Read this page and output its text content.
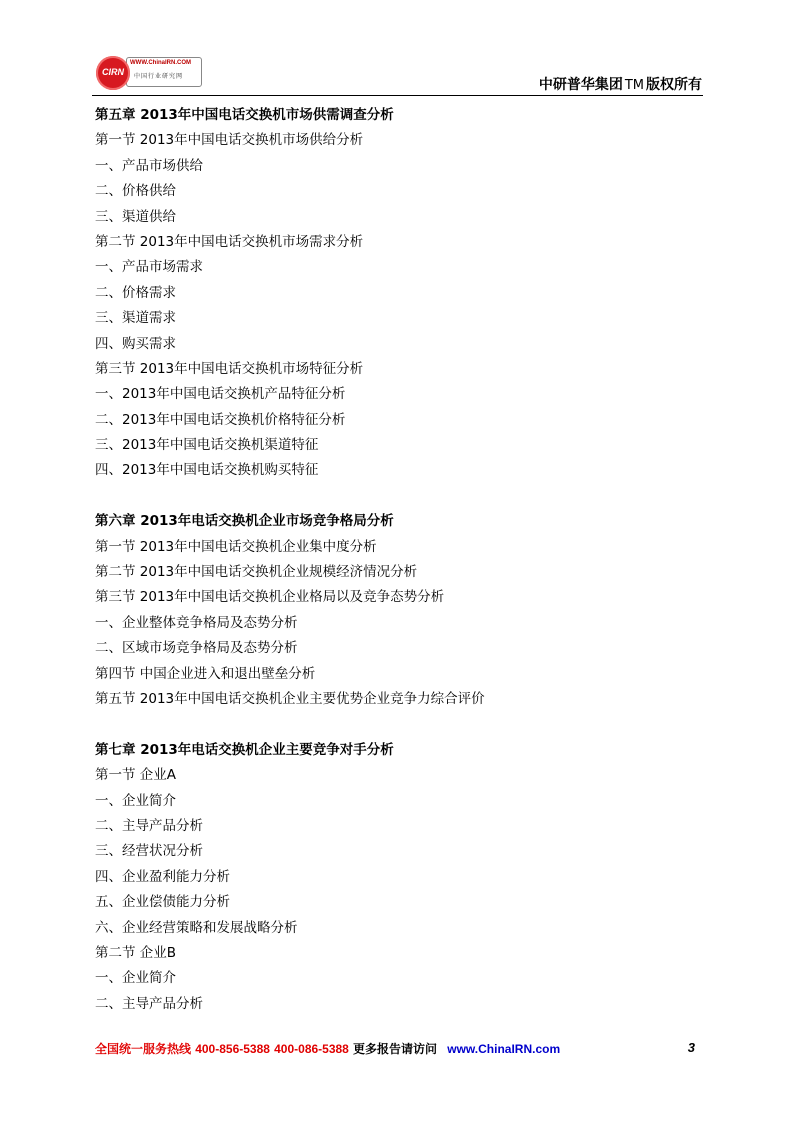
WWW.ChinaIRN.COM
中国行业研究网
CIRN
中研普华集团 TM 版权所有
第五章 2013年中国电话交换机市场供需调查分析
第一节 2013年中国电话交换机市场供给分析
一、产品市场供给
二、价格供给
三、渠道供给
第二节 2013年中国电话交换机市场需求分析
一、产品市场需求
二、价格需求
三、渠道需求
四、购买需求
第三节 2013年中国电话交换机市场特征分析
一、2013年中国电话交换机产品特征分析
二、2013年中国电话交换机价格特征分析
三、2013年中国电话交换机渠道特征
四、2013年中国电话交换机购买特征
第六章 2013年电话交换机企业市场竞争格局分析
第一节 2013年中国电话交换机企业集中度分析
第二节 2013年中国电话交换机企业规模经济情况分析
第三节 2013年中国电话交换机企业格局以及竞争态势分析
一、企业整体竞争格局及态势分析
二、区域市场竞争格局及态势分析
第四节 中国企业进入和退出壁垒分析
第五节 2013年中国电话交换机企业主要优势企业竞争力综合评价
第七章 2013年电话交换机企业主要竞争对手分析
第一节 企业A
一、企业简介
二、主导产品分析
三、经营状况分析
四、企业盈利能力分析
五、企业偿债能力分析
六、企业经营策略和发展战略分析
第二节 企业B
一、企业简介
二、主导产品分析
全国统一服务热线 400-856-5388 400-086-5388 更多报告请访问 www.ChinaIRN.com	3
